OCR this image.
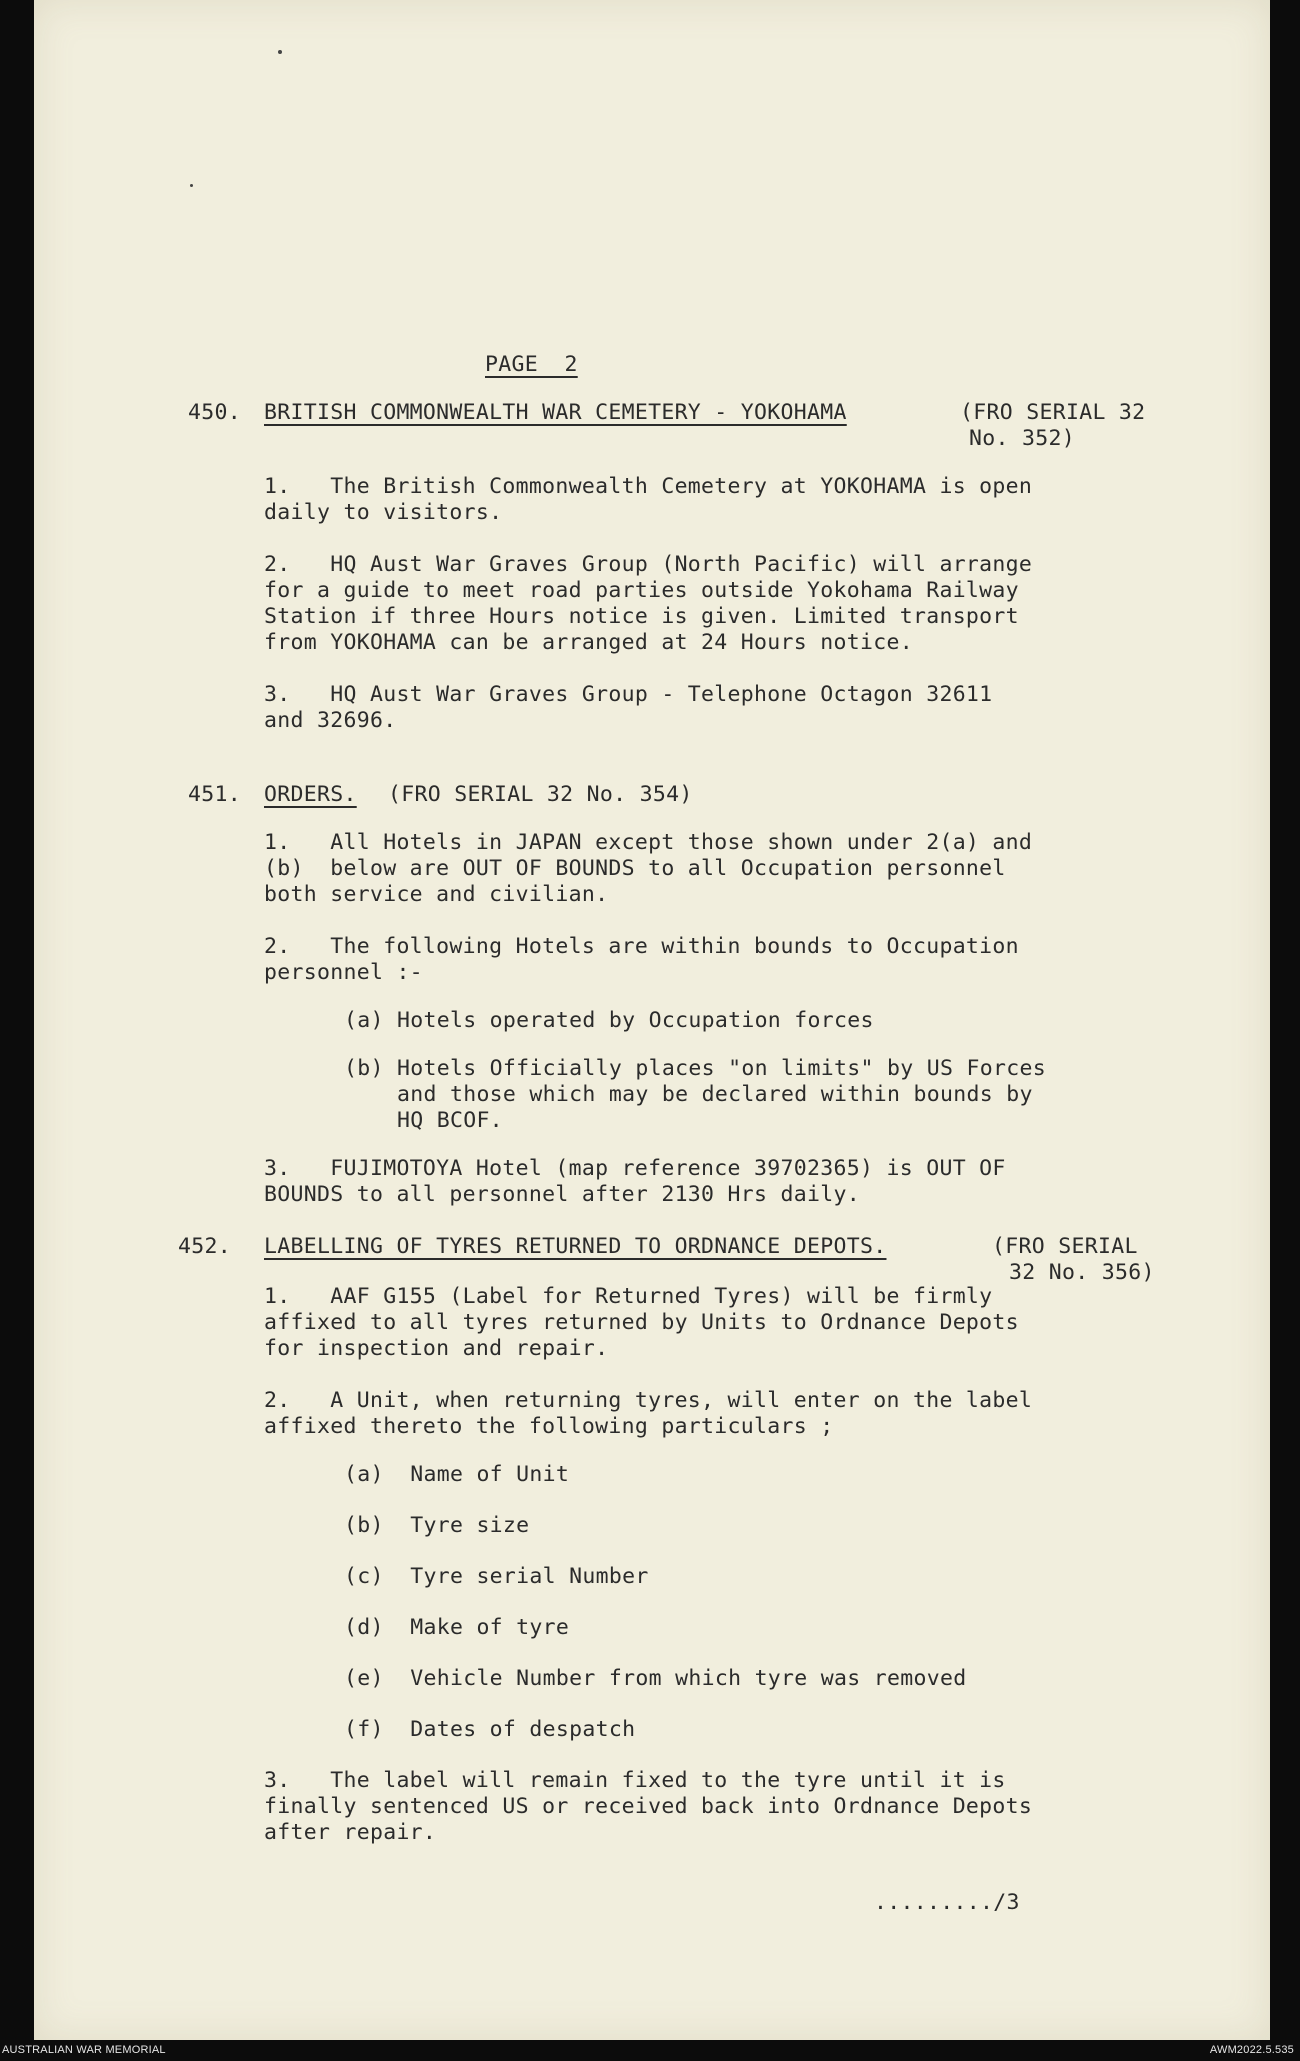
PAGE  2
450. BRITISH COMMONWEALTH WAR CEMETERY - YOKOHAMA	(FRO SERIAL 32
No. 352)
1.   The British Commonwealth Cemetery at YOKOHAMA is open
daily to visitors.
2.   HQ Aust War Graves Group (North Pacific) will arrange
for a guide to meet road parties outside Yokohama Railway
Station if three Hours notice is given. Limited transport
from YOKOHAMA can be arranged at 24 Hours notice.
3.   HQ Aust War Graves Group - Telephone Octagon 32611
and 32696.
451. ORDERS. (FRO SERIAL 32 No. 354)
1.   All Hotels in JAPAN except those shown under 2(a) and
(b)  below are OUT OF BOUNDS to all Occupation personnel
both service and civilian.
2.   The following Hotels are within bounds to Occupation
personnel :-
(a) Hotels operated by Occupation forces
(b) Hotels Officially places "on limits" by US Forces
and those which may be declared within bounds by
HQ BCOF.
3.   FUJIMOTOYA Hotel (map reference 39702365) is OUT OF
BOUNDS to all personnel after 2130 Hrs daily.
452. LABELLING OF TYRES RETURNED TO ORDNANCE DEPOTS.	(FRO SERIAL
32 No. 356)
1.   AAF G155 (Label for Returned Tyres) will be firmly
affixed to all tyres returned by Units to Ordnance Depots
for inspection and repair.
2.   A Unit, when returning tyres, will enter on the label
affixed thereto the following particulars ;
(a)  Name of Unit
(b)  Tyre size
(c)  Tyre serial Number
(d)  Make of tyre
(e)  Vehicle Number from which tyre was removed
(f)  Dates of despatch
3.   The label will remain fixed to the tyre until it is
finally sentenced US or received back into Ordnance Depots
after repair.
........./3
AUSTRALIAN WAR MEMORIAL	AWM2022.5.535
